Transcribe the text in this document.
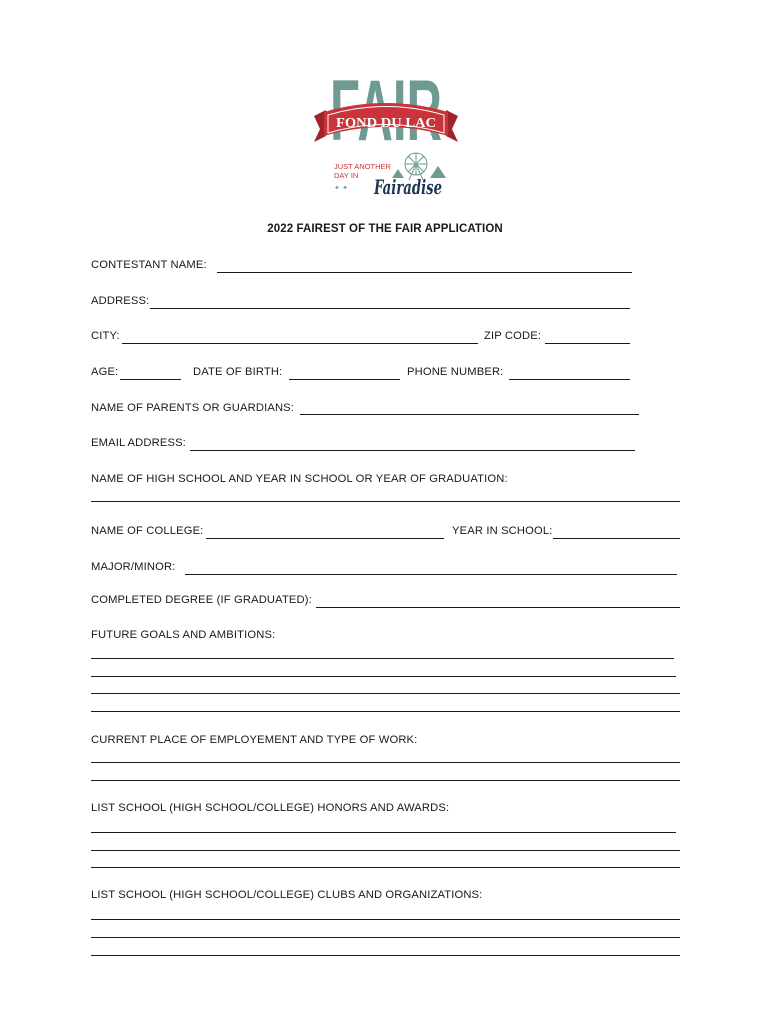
FOND DU LAC
JUST ANOTHER
DAY IN Fairadise
✦ ✦
2022 FAIREST OF THE FAIR APPLICATION
CONTESTANT NAME:
ADDRESS:
CITY:	ZIP CODE:
AGE:	DATE OF BIRTH:	PHONE NUMBER:
NAME OF PARENTS OR GUARDIANS:
EMAIL ADDRESS:
NAME OF HIGH SCHOOL AND YEAR IN SCHOOL OR YEAR OF GRADUATION:
NAME OF COLLEGE:	YEAR IN SCHOOL:
MAJOR/MINOR:
COMPLETED DEGREE (IF GRADUATED):
FUTURE GOALS AND AMBITIONS:
CURRENT PLACE OF EMPLOYEMENT AND TYPE OF WORK:
LIST SCHOOL (HIGH SCHOOL/COLLEGE) HONORS AND AWARDS:
LIST SCHOOL (HIGH SCHOOL/COLLEGE) CLUBS AND ORGANIZATIONS:
